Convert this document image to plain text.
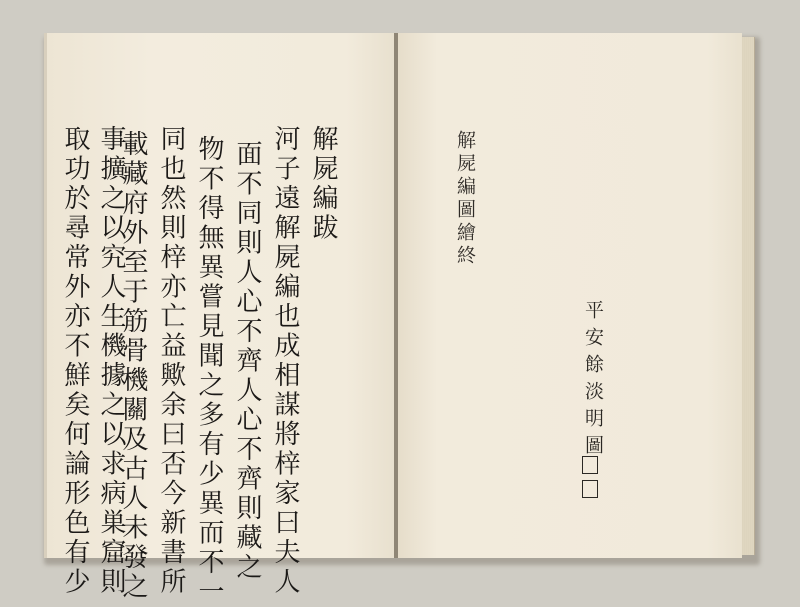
解屍編跋
河子遠解屍編也成相謀將梓家曰夫人
面不同則人心不齊人心不齊則藏之
物不得無異嘗見聞之多有少異而不一
同也然則梓亦亡益歟余曰否今新書所
載藏府外至于筋骨機關及古人未發之
事擴之以究人生機據之以求病巣窟則
取功於尋常外亦不鮮矣何論形色有少	解屍編圖繪終
平安餘淡明圖
